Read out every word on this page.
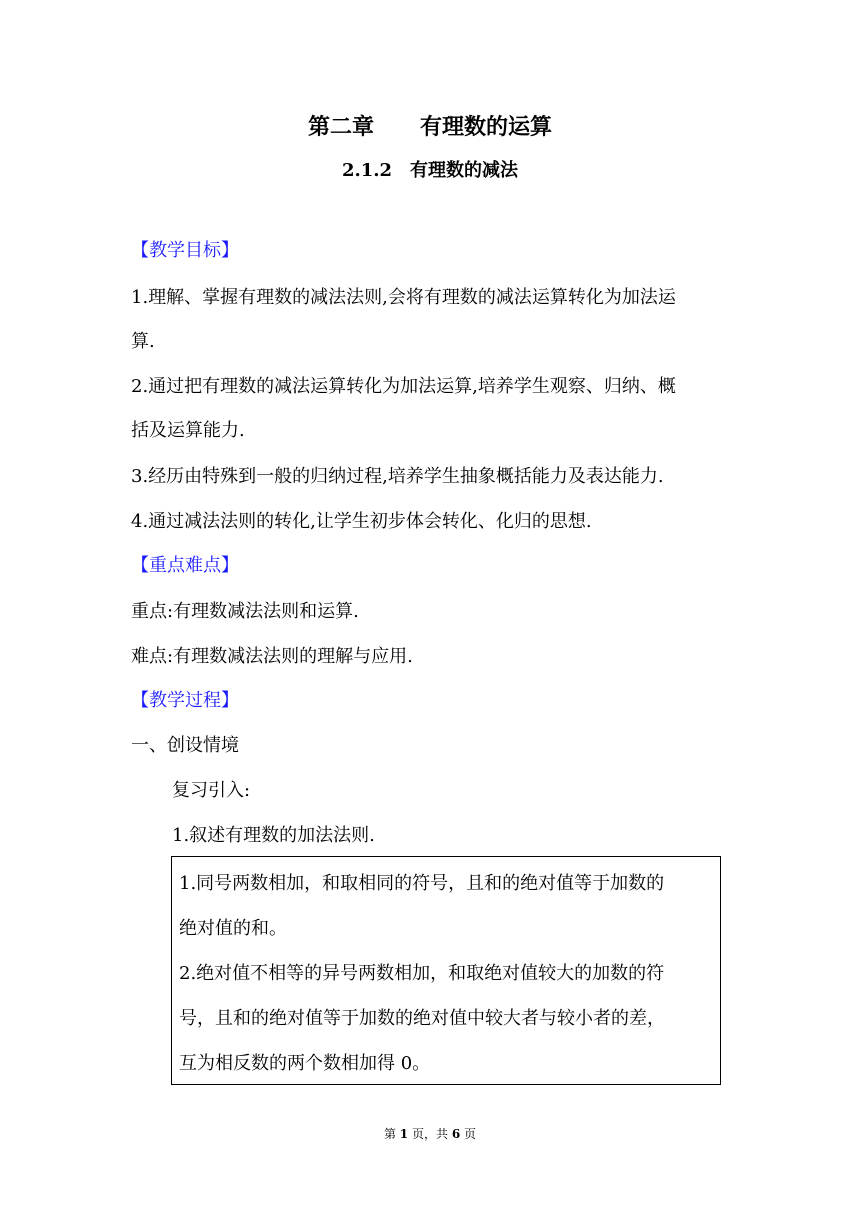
第二章 有理数的运算
2.1.2 有理数的减法
【教学目标】
1.理解、掌握有理数的减法法则,会将有理数的减法运算转化为加法运
算.
2.通过把有理数的减法运算转化为加法运算,培养学生观察、归纳、概
括及运算能力.
3.经历由特殊到一般的归纳过程,培养学生抽象概括能力及表达能力.
4.通过减法法则的转化,让学生初步体会转化、化归的思想.
【重点难点】
重点:有理数减法法则和运算.
难点:有理数减法法则的理解与应用.
【教学过程】
一、创设情境
复习引入:
1.叙述有理数的加法法则.
1.同号两数相加，和取相同的符号，且和的绝对值等于加数的
绝对值的和。
2.绝对值不相等的异号两数相加，和取绝对值较大的加数的符
号，且和的绝对值等于加数的绝对值中较大者与较小者的差，
互为相反数的两个数相加得 0。
第 1 页，共 6 页
